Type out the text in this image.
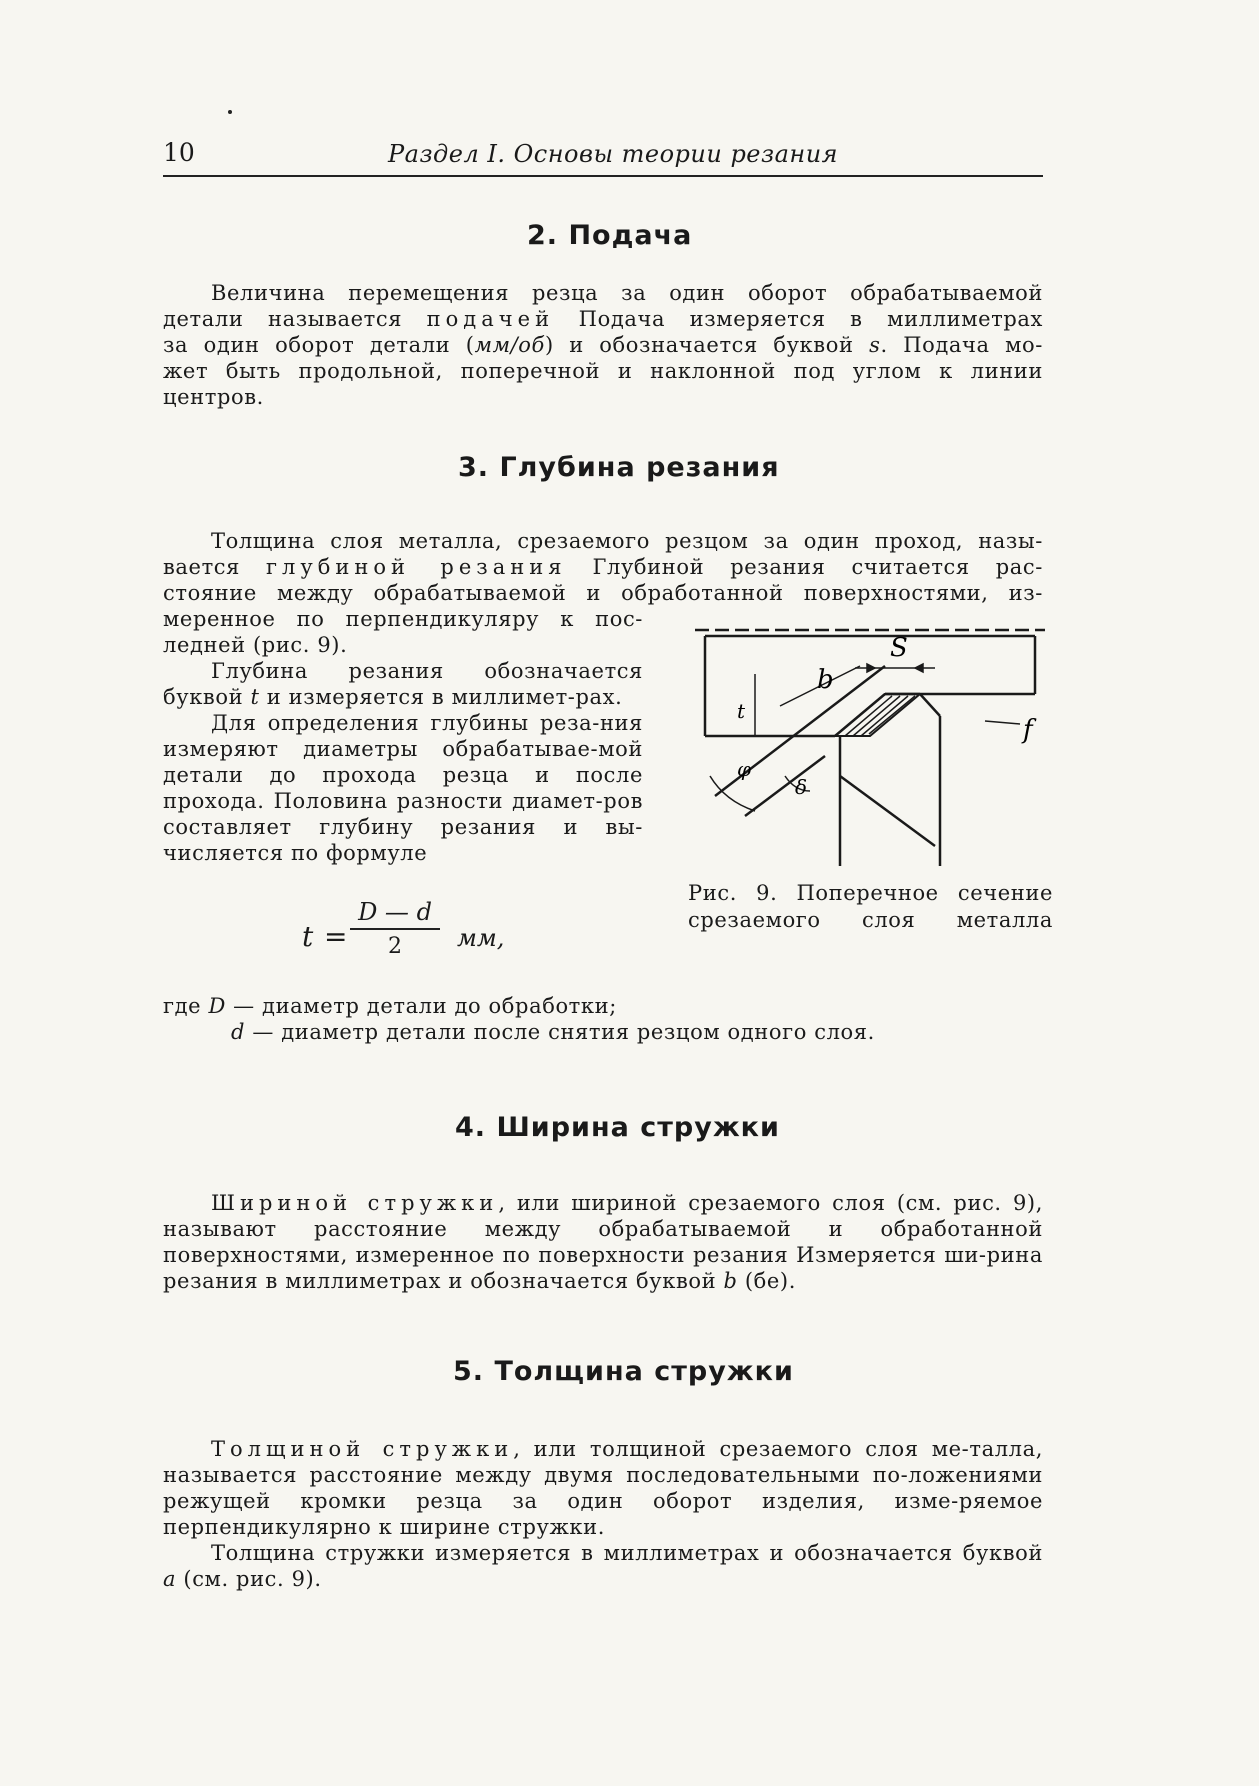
10	Раздел I. Основы теории резания
2. Подача
Величина перемещения резца за один оборот обрабатываемой
детали называется подачей Подача измеряется в миллиметрах
за один оборот детали (мм/об) и обозначается буквой s. Подача мо-
жет быть продольной, поперечной и наклонной под углом к линии
центров.
3. Глубина резания
Толщина слоя металла, срезаемого резцом за один проход, назы-
вается глубиной резания Глубиной резания считается рас-
стояние между обрабатываемой и обработанной поверхностями, из-
меренное по перпендикуляру к пос-
ледней (рис. 9).
Глубина резания обозначается буквой t и измеряется в миллимет-рах.
Для определения глубины реза-ния измеряют диаметры обрабатывае-мой детали до прохода резца и после прохода. Половина разности диамет-ров составляет глубину резания и вы-числяется по формуле
t =
D — d
2	мм,
S
b
t
f
φ
δ
Рис. 9. Поперечное сечение срезаемого слоя металла
где D — диаметр детали до обработки;
d — диаметр детали после снятия резцом одного слоя.
4. Ширина стружки
Шириной стружки, или шириной срезаемого слоя (см. рис. 9), называют расстояние между обрабатываемой и обработанной поверхностями, измеренное по поверхности резания Измеряется ши-рина резания в миллиметрах и обозначается буквой b (бе).
5. Толщина стружки
Толщиной стружки, или толщиной срезаемого слоя ме-талла, называется расстояние между двумя последовательными по-ложениями режущей кромки резца за один оборот изделия, изме-ряемое перпендикулярно к ширине стружки.
Толщина стружки измеряется в миллиметрах и обозначается буквой a (см. рис. 9).
